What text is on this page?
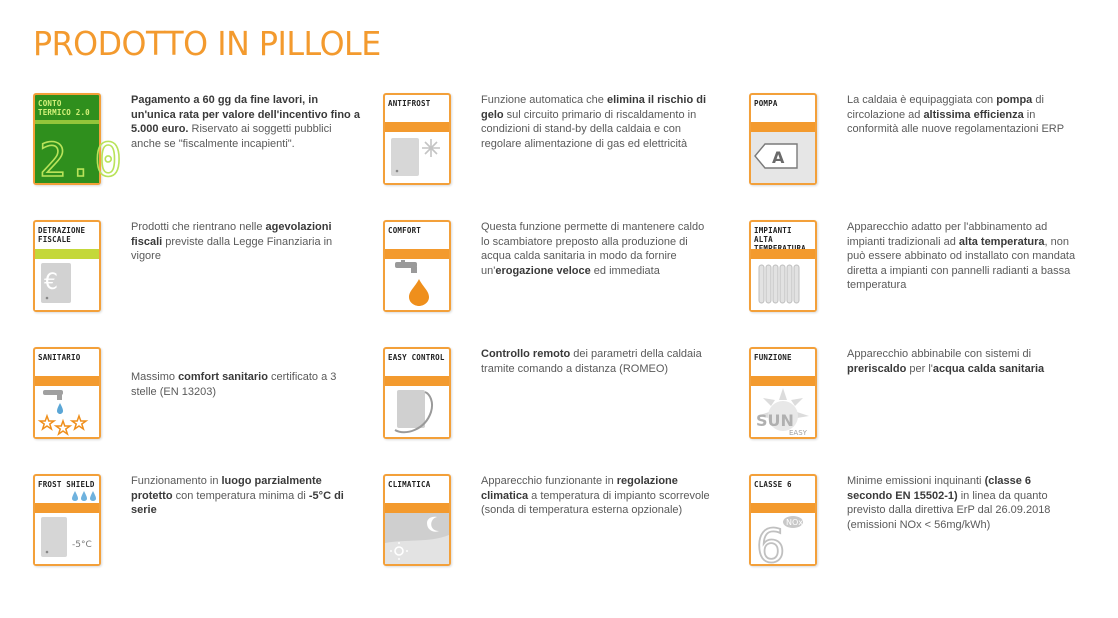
PRODOTTO IN PILLOLE
CONTO TERMICO 2.0
2.0
Pagamento a 60 gg da fine lavori, in un'unica rata per valore dell'incentivo fino a 5.000 euro. Riservato ai soggetti pubblici anche se "fiscalmente incapienti".
ANTIFROST	Funzione automatica che elimina il rischio di gelo sul circuito primario di riscaldamento in condizioni di stand-by della caldaia e con regolare alimentazione di gas ed elettricità
POMPA
A
La caldaia è equipaggiata con pompa di circolazione ad altissima efficienza in conformità alle nuove regolamentazioni ERP
DETRAZIONE FISCALE
€
Prodotti che rientrano nelle agevolazioni fiscali previste dalla Legge Finanziaria in vigore
COMFORT	Questa funzione permette di mantenere caldo lo scambiatore preposto alla produzione di acqua calda sanitaria in modo da fornire un'erogazione veloce ed immediata
IMPIANTI ALTA
Apparecchio adatto per l'abbinamento ad impianti tradizionali ad alta temperatura, non può essere abbinato od installato con mandata diretta a impianti con pannelli radianti a bassa temperatura
SANITARIO
Massimo comfort sanitario certificato a 3 stelle (EN 13203)
EASY CONTROL	Controllo remoto dei parametri della caldaia tramite comando a distanza (ROMEO)
FUNZIONE
SUN
EASY
Apparecchio abbinabile con sistemi di preriscaldo per l'acqua calda sanitaria
FROST SHIELD
-5°C
Funzionamento in luogo parzialmente protetto con temperatura minima di -5°C di serie
CLIMATICA	Apparecchio funzionante in regolazione climatica a temperatura di impianto scorrevole (sonda di temperatura esterna opzionale)
CLASSE 6
NOx
6
Minime emissioni inquinanti (classe 6 secondo EN 15502-1) in linea da quanto previsto dalla direttiva ErP dal 26.09.2018 (emissioni NOx < 56mg/kWh)
